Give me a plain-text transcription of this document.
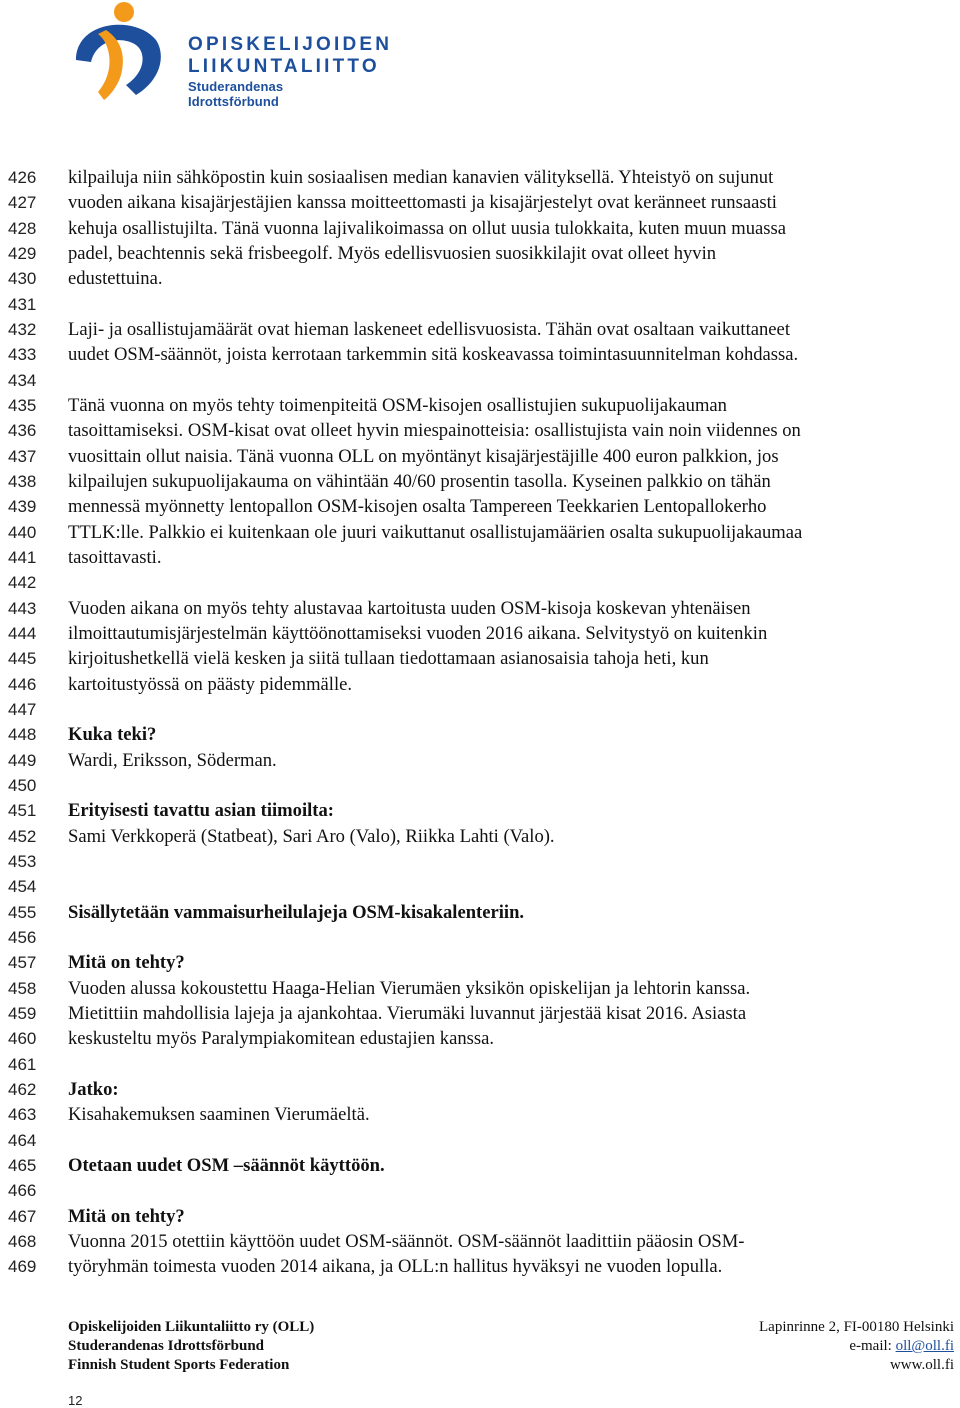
OPISKELIJOIDEN
LIIKUNTALIITTO
Studerandenas Idrottsförbund
426
427
428
429
430
431
432
433
434
435
436
437
438
439
440
441
442
443
444
445
446
447
448
449
450
451
452
453
454
455
456
457
458
459
460
461
462
463
464
465
466
467
468
469
kilpailuja niin sähköpostin kuin sosiaalisen median kanavien välityksellä. Yhteistyö on sujunut
vuoden aikana kisajärjestäjien kanssa moitteettomasti ja kisajärjestelyt ovat keränneet runsaasti
kehuja osallistujilta. Tänä vuonna lajivalikoimassa on ollut uusia tulokkaita, kuten muun muassa
padel, beachtennis sekä frisbeegolf. Myös edellisvuosien suosikkilajit ovat olleet hyvin
edustettuina.
Laji- ja osallistujamäärät ovat hieman laskeneet edellisvuosista. Tähän ovat osaltaan vaikuttaneet
uudet OSM-säännöt, joista kerrotaan tarkemmin sitä koskeavassa toimintasuunnitelman kohdassa.
Tänä vuonna on myös tehty toimenpiteitä OSM-kisojen osallistujien sukupuolijakauman
tasoittamiseksi. OSM-kisat ovat olleet hyvin miespainotteisia: osallistujista vain noin viidennes on
vuosittain ollut naisia. Tänä vuonna OLL on myöntänyt kisajärjestäjille 400 euron palkkion, jos
kilpailujen sukupuolijakauma on vähintään 40/60 prosentin tasolla. Kyseinen palkkio on tähän
mennessä myönnetty lentopallon OSM-kisojen osalta Tampereen Teekkarien Lentopallokerho
TTLK:lle. Palkkio ei kuitenkaan ole juuri vaikuttanut osallistujamäärien osalta sukupuolijakaumaa
tasoittavasti.
Vuoden aikana on myös tehty alustavaa kartoitusta uuden OSM-kisoja koskevan yhtenäisen
ilmoittautumisjärjestelmän käyttöönottamiseksi vuoden 2016 aikana. Selvitystyö on kuitenkin
kirjoitushetkellä vielä kesken ja siitä tullaan tiedottamaan asianosaisia tahoja heti, kun
kartoitustyössä on päästy pidemmälle.
Kuka teki?
Wardi, Eriksson, Söderman.
Erityisesti tavattu asian tiimoilta:
Sami Verkkoperä (Statbeat), Sari Aro (Valo), Riikka Lahti (Valo).
Sisällytetään vammaisurheilulajeja OSM-kisakalenteriin.
Mitä on tehty?
Vuoden alussa kokoustettu Haaga-Helian Vierumäen yksikön opiskelijan ja lehtorin kanssa.
Mietittiin mahdollisia lajeja ja ajankohtaa. Vierumäki luvannut järjestää kisat 2016. Asiasta
keskusteltu myös Paralympiakomitean edustajien kanssa.
Jatko:
Kisahakemuksen saaminen Vierumäeltä.
Otetaan uudet OSM –säännöt käyttöön.
Mitä on tehty?
Vuonna 2015 otettiin käyttöön uudet OSM-säännöt. OSM-säännöt laadittiin pääosin OSM-
työryhmän toimesta vuoden 2014 aikana, ja OLL:n hallitus hyväksyi ne vuoden lopulla.
Opiskelijoiden Liikuntaliitto ry (OLL)
Studerandenas Idrottsförbund
Finnish Student Sports Federation
Lapinrinne 2, FI-00180 Helsinki
e-mail: oll@oll.fi
www.oll.fi
12
